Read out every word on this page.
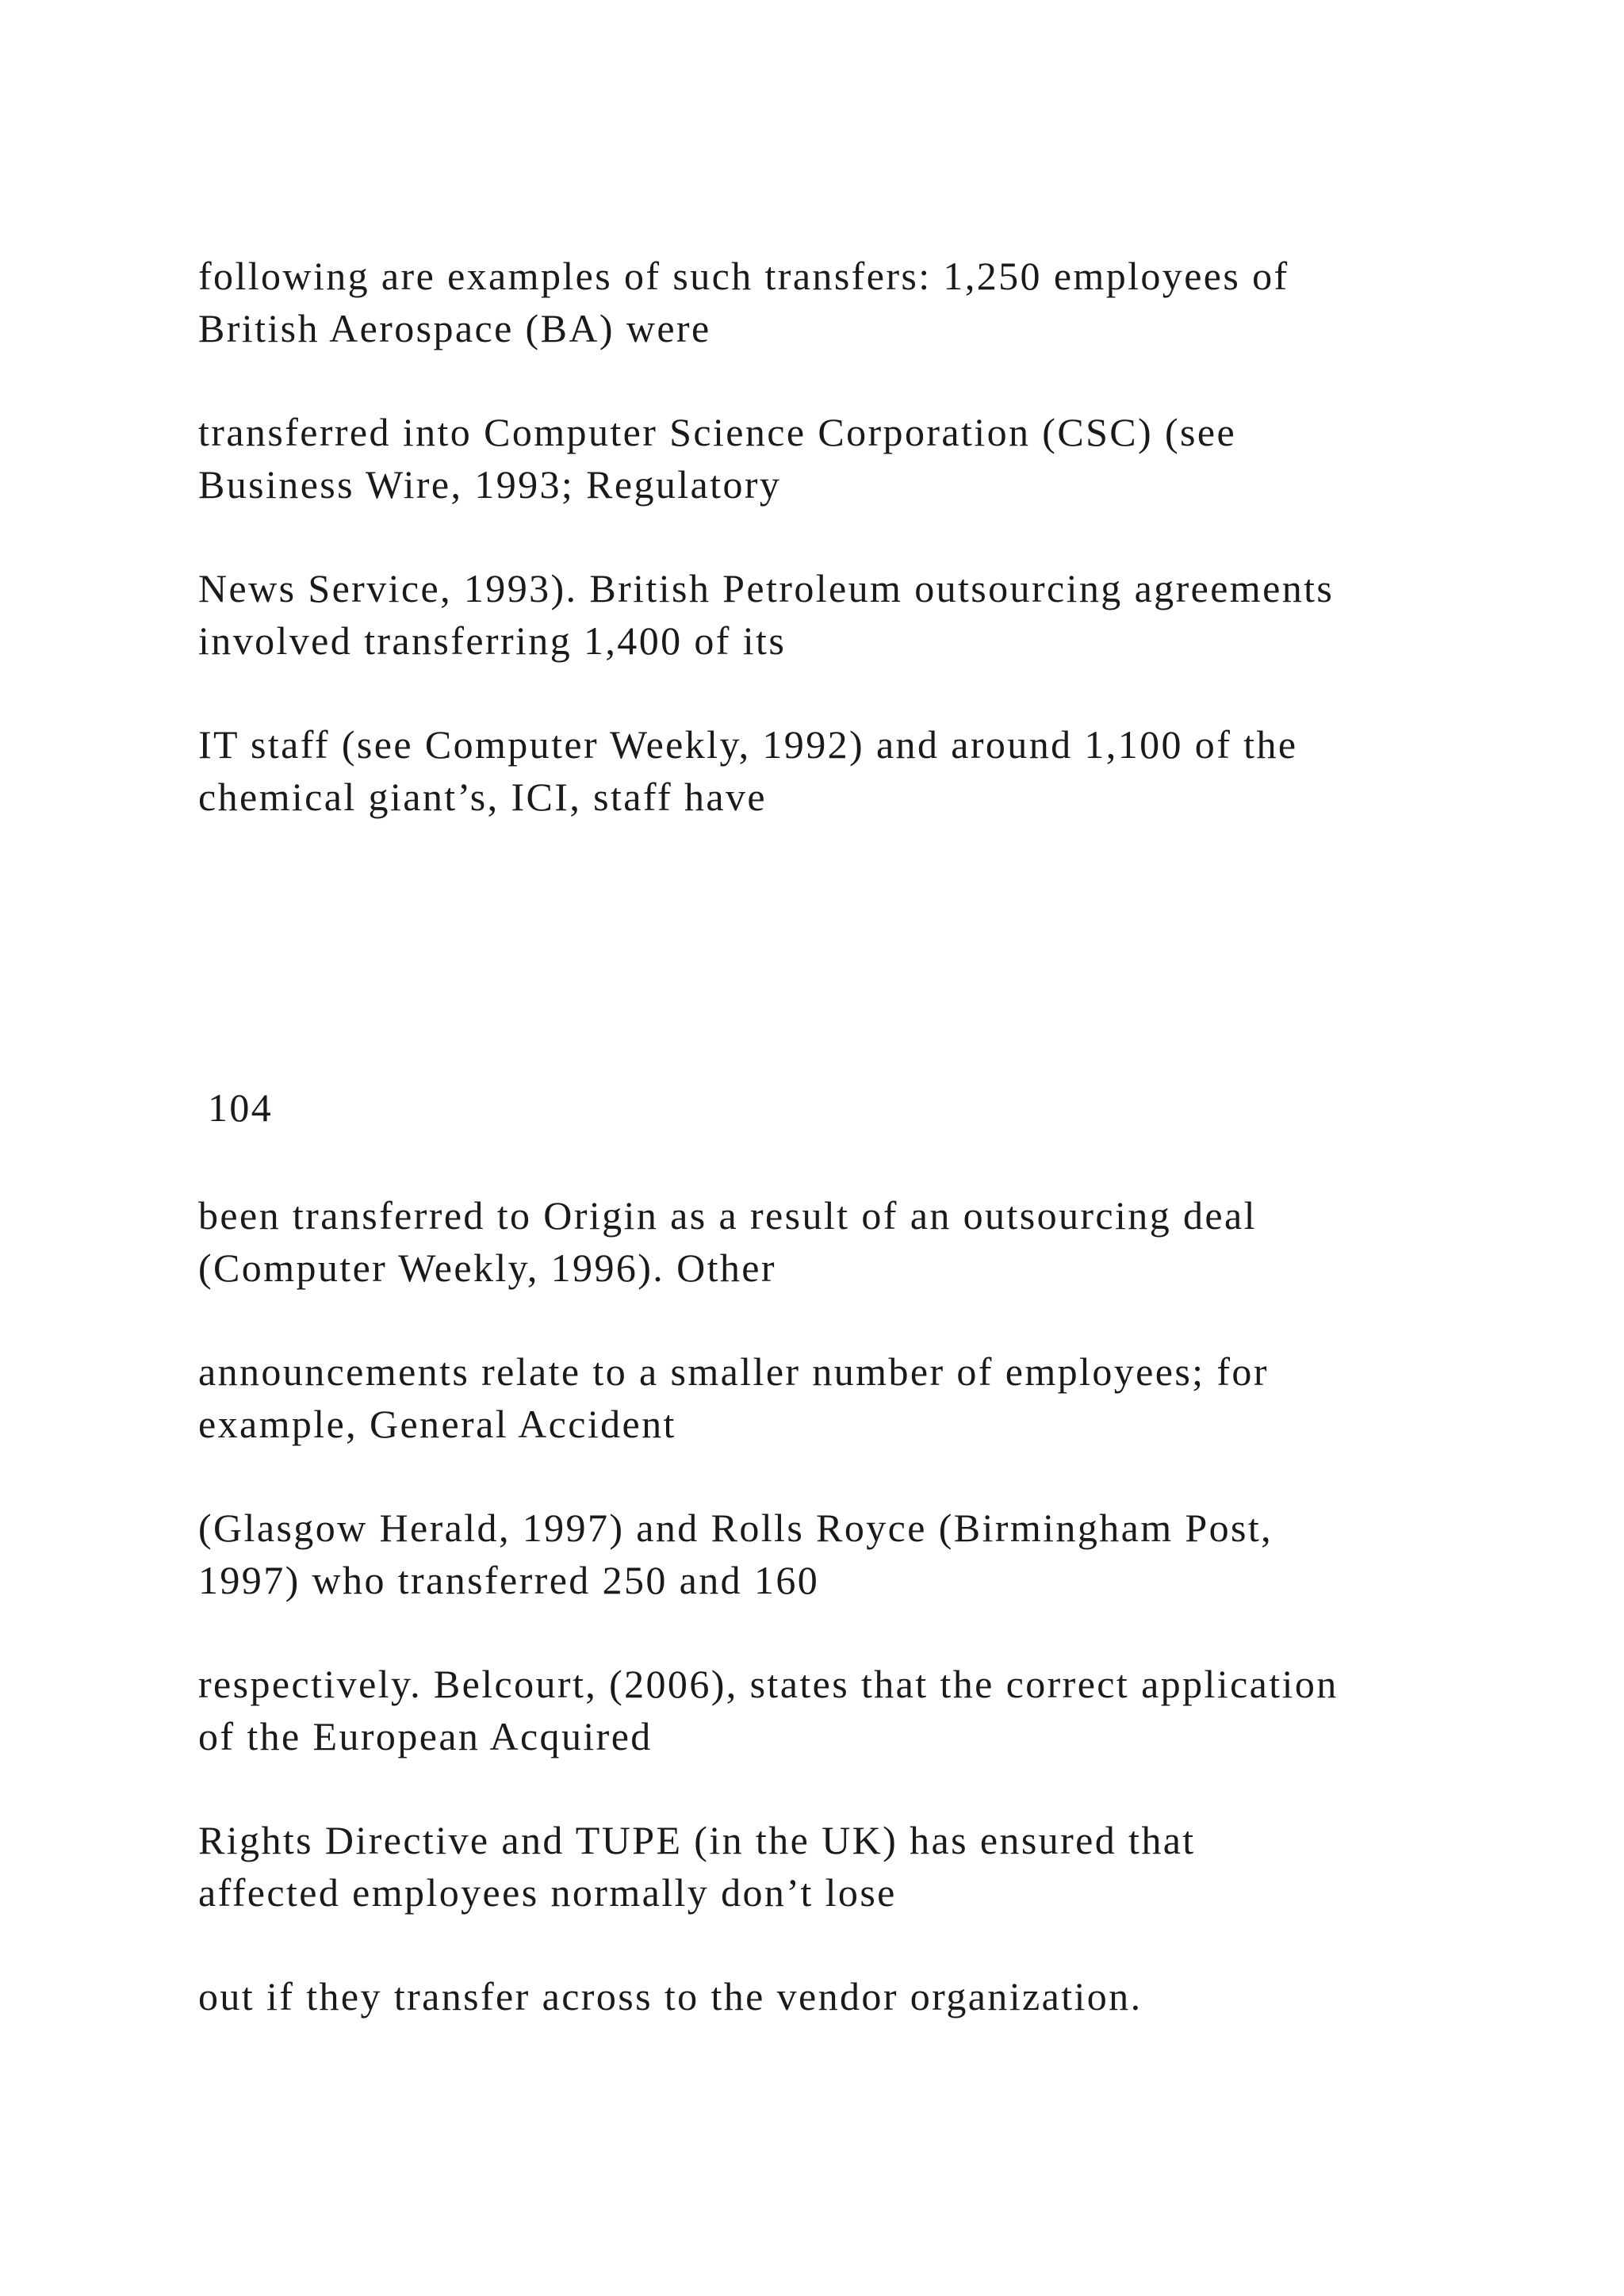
following are examples of such transfers: 1,250 employees of
British Aerospace (BA) were

transferred into Computer Science Corporation (CSC) (see
Business Wire, 1993; Regulatory

News Service, 1993). British Petroleum outsourcing agreements
involved transferring 1,400 of its

IT staff (see Computer Weekly, 1992) and around 1,100 of the
chemical giant’s, ICI, staff have

104

been transferred to Origin as a result of an outsourcing deal
(Computer Weekly, 1996). Other

announcements relate to a smaller number of employees; for
example, General Accident

(Glasgow Herald, 1997) and Rolls Royce (Birmingham Post,
1997) who transferred 250 and 160

respectively. Belcourt, (2006), states that the correct application
of the European Acquired

Rights Directive and TUPE (in the UK) has ensured that
affected employees normally don’t lose

out if they transfer across to the vendor organization.
